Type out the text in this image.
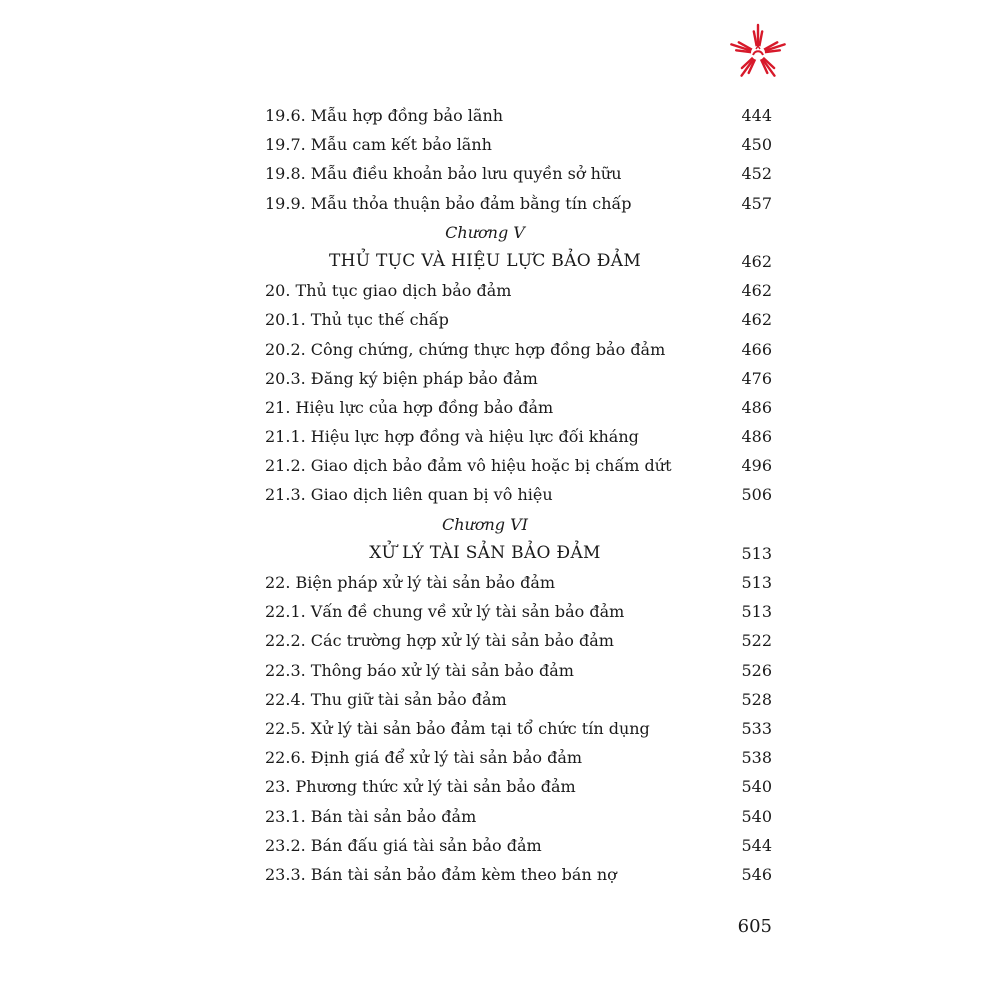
19.6. Mẫu hợp đồng bảo lãnh	444
19.7. Mẫu cam kết bảo lãnh	450
19.8. Mẫu điều khoản bảo lưu quyền sở hữu	452
19.9. Mẫu thỏa thuận bảo đảm bằng tín chấp	457
Chương V
THỦ TỤC VÀ HIỆU LỰC BẢO ĐẢM	462
20. Thủ tục giao dịch bảo đảm	462
20.1. Thủ tục thế chấp	462
20.2. Công chứng, chứng thực hợp đồng bảo đảm	466
20.3. Đăng ký biện pháp bảo đảm	476
21. Hiệu lực của hợp đồng bảo đảm	486
21.1. Hiệu lực hợp đồng và hiệu lực đối kháng	486
21.2. Giao dịch bảo đảm vô hiệu hoặc bị chấm dứt	496
21.3. Giao dịch liên quan bị vô hiệu	506
Chương VI
XỬ LÝ TÀI SẢN BẢO ĐẢM	513
22. Biện pháp xử lý tài sản bảo đảm	513
22.1. Vấn đề chung về xử lý tài sản bảo đảm	513
22.2. Các trường hợp xử lý tài sản bảo đảm	522
22.3. Thông báo xử lý tài sản bảo đảm	526
22.4. Thu giữ tài sản bảo đảm	528
22.5. Xử lý tài sản bảo đảm tại tổ chức tín dụng	533
22.6. Định giá để xử lý tài sản bảo đảm	538
23. Phương thức xử lý tài sản bảo đảm	540
23.1. Bán tài sản bảo đảm	540
23.2. Bán đấu giá tài sản bảo đảm	544
23.3. Bán tài sản bảo đảm kèm theo bán nợ	546
605
